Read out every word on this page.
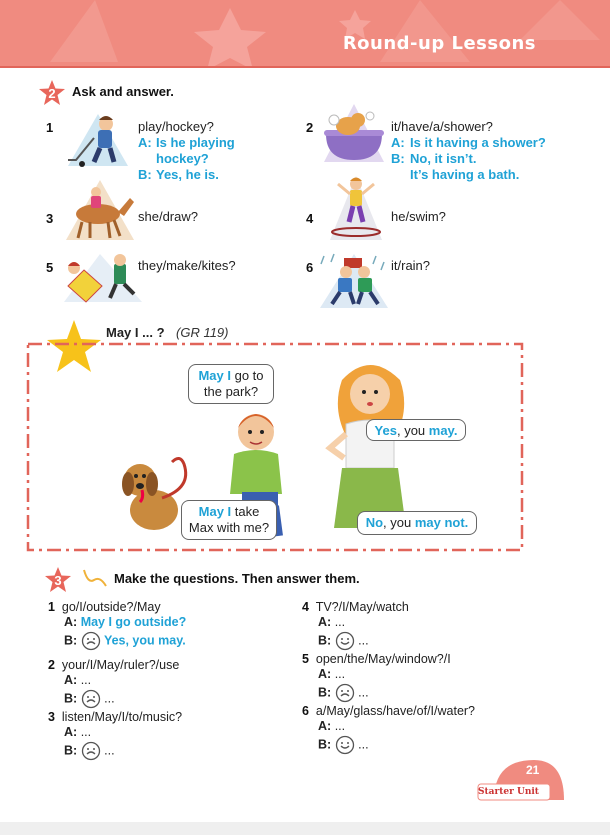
Round-up Lessons
2	Ask and answer.
1	play/hockey?
A: Is he playing
hockey?
B: Yes, he is.
2	it/have/a/shower?
A: Is it having a shower?
B: No, it isn’t.
It’s having a bath.
3	she/draw?	4	he/swim?
5	they/make/kites?	6	it/rain?
May I ... ? (GR 119)
May I go to
the park?
Yes, you may.
May I take
Max with me?	No, you may not.
3	Make the questions. Then answer them.
1 go/I/outside?/May
A: May I go outside?
B: Yes, you may.
2 your/I/May/ruler?/use
A: ...
B: ...
3 listen/May/I/to/music?
A: ...
B: ...
4 TV?/I/May/watch
A: ...
B: ...
5 open/the/May/window?/I
A: ...
B: ...
6 a/May/glass/have/of/I/water?
A: ...
B: ...
21
Starter Unit
